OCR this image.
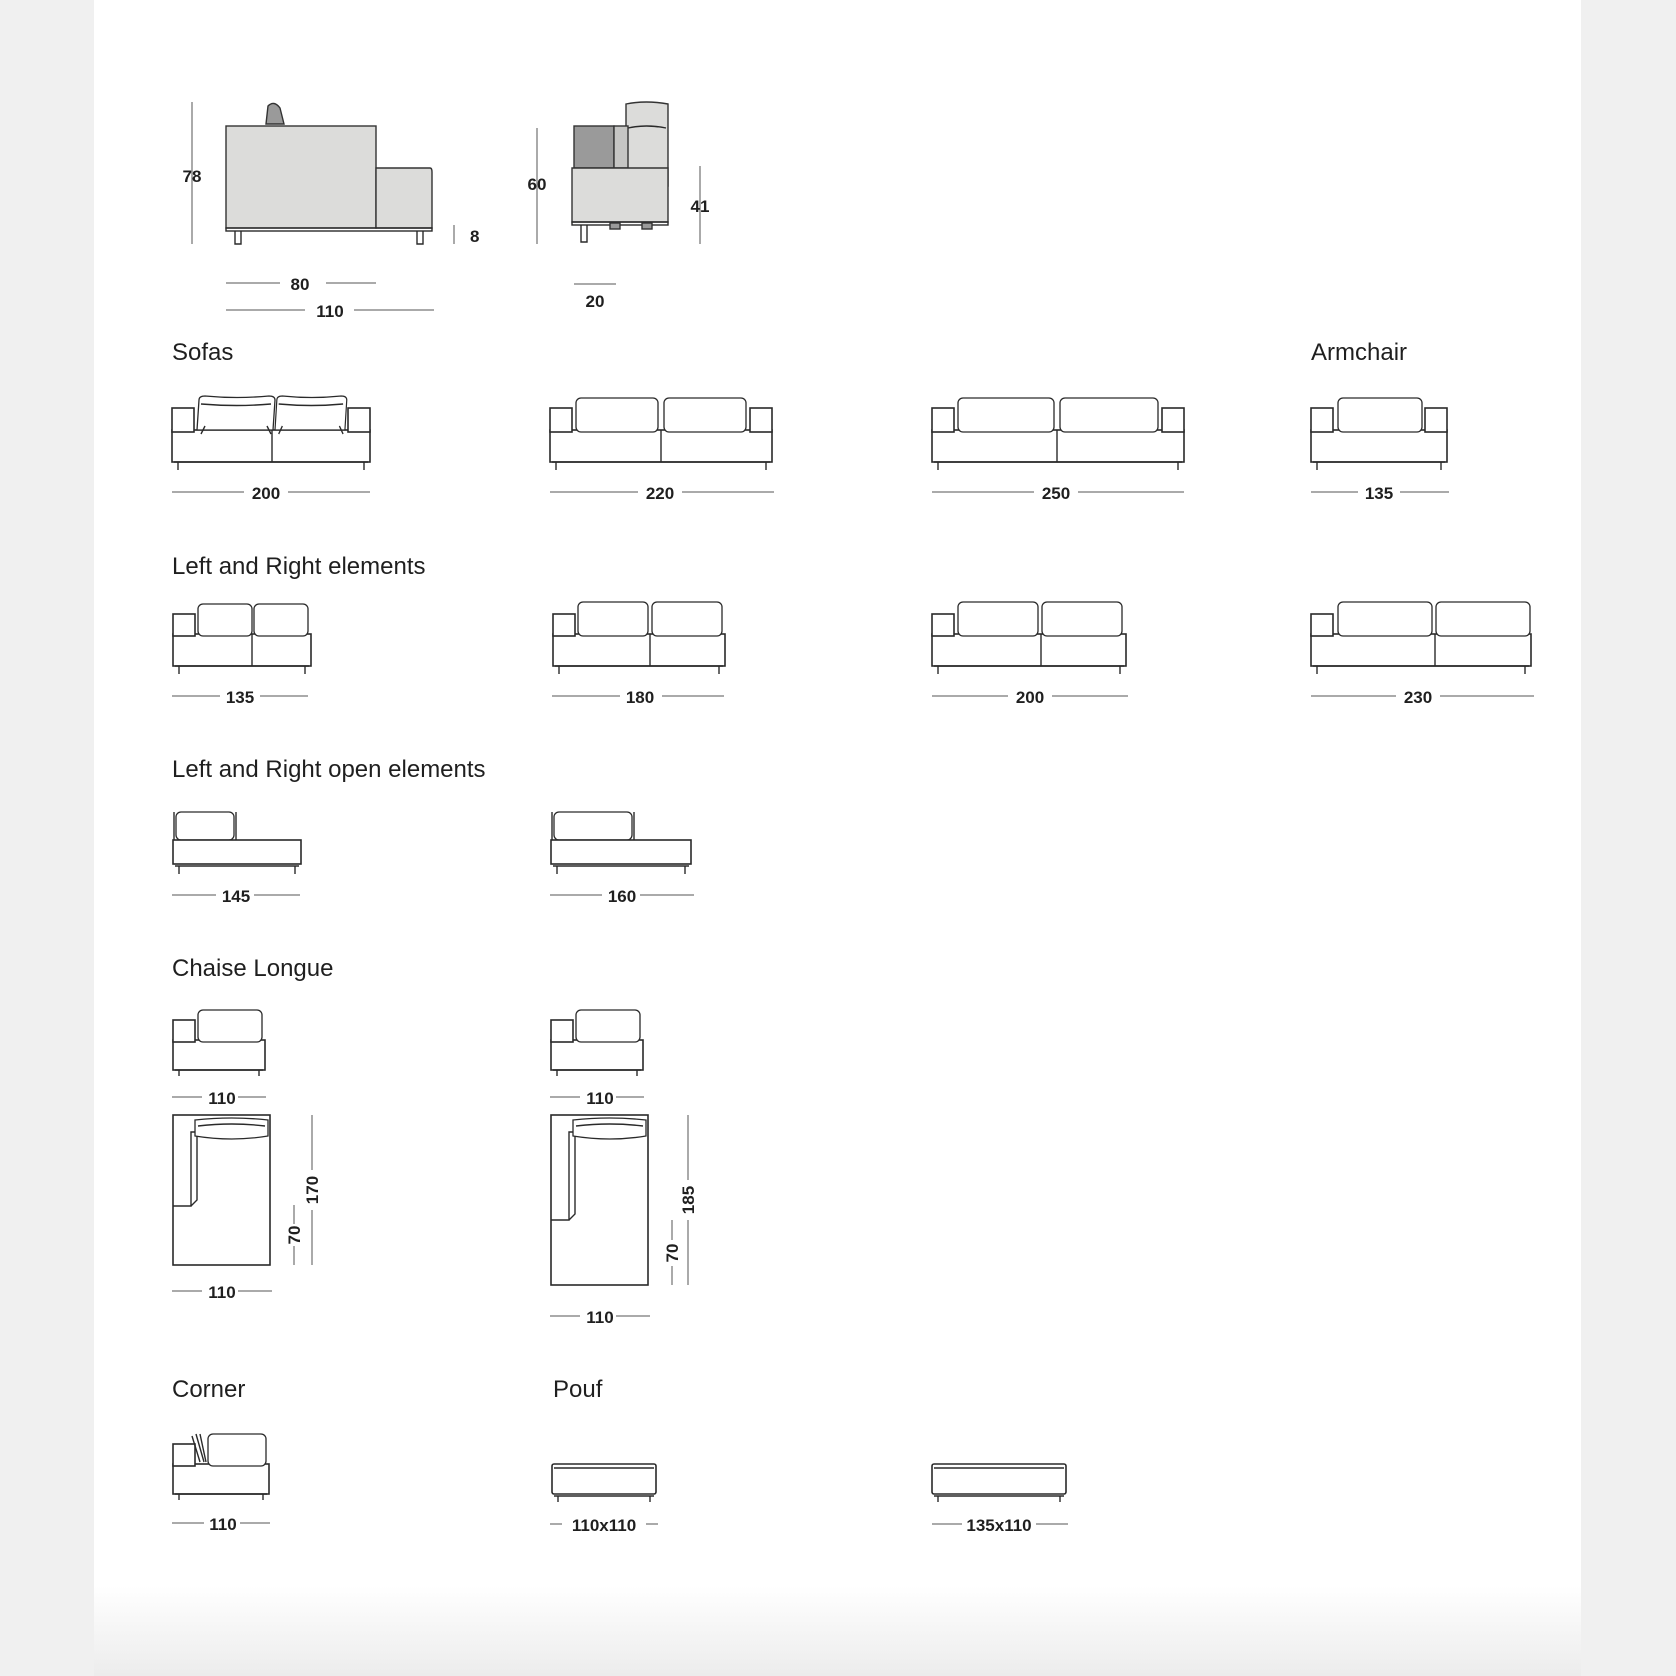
78
8
80
110
60
41
20
Sofas	Armchair
200	220	250	135
Left and Right elements
135	180	200	230
Left and Right open elements
145	160
Chaise Longue
110	110
110
70
170
110
70
185
Corner	Pouf
110	110x110	135x110
